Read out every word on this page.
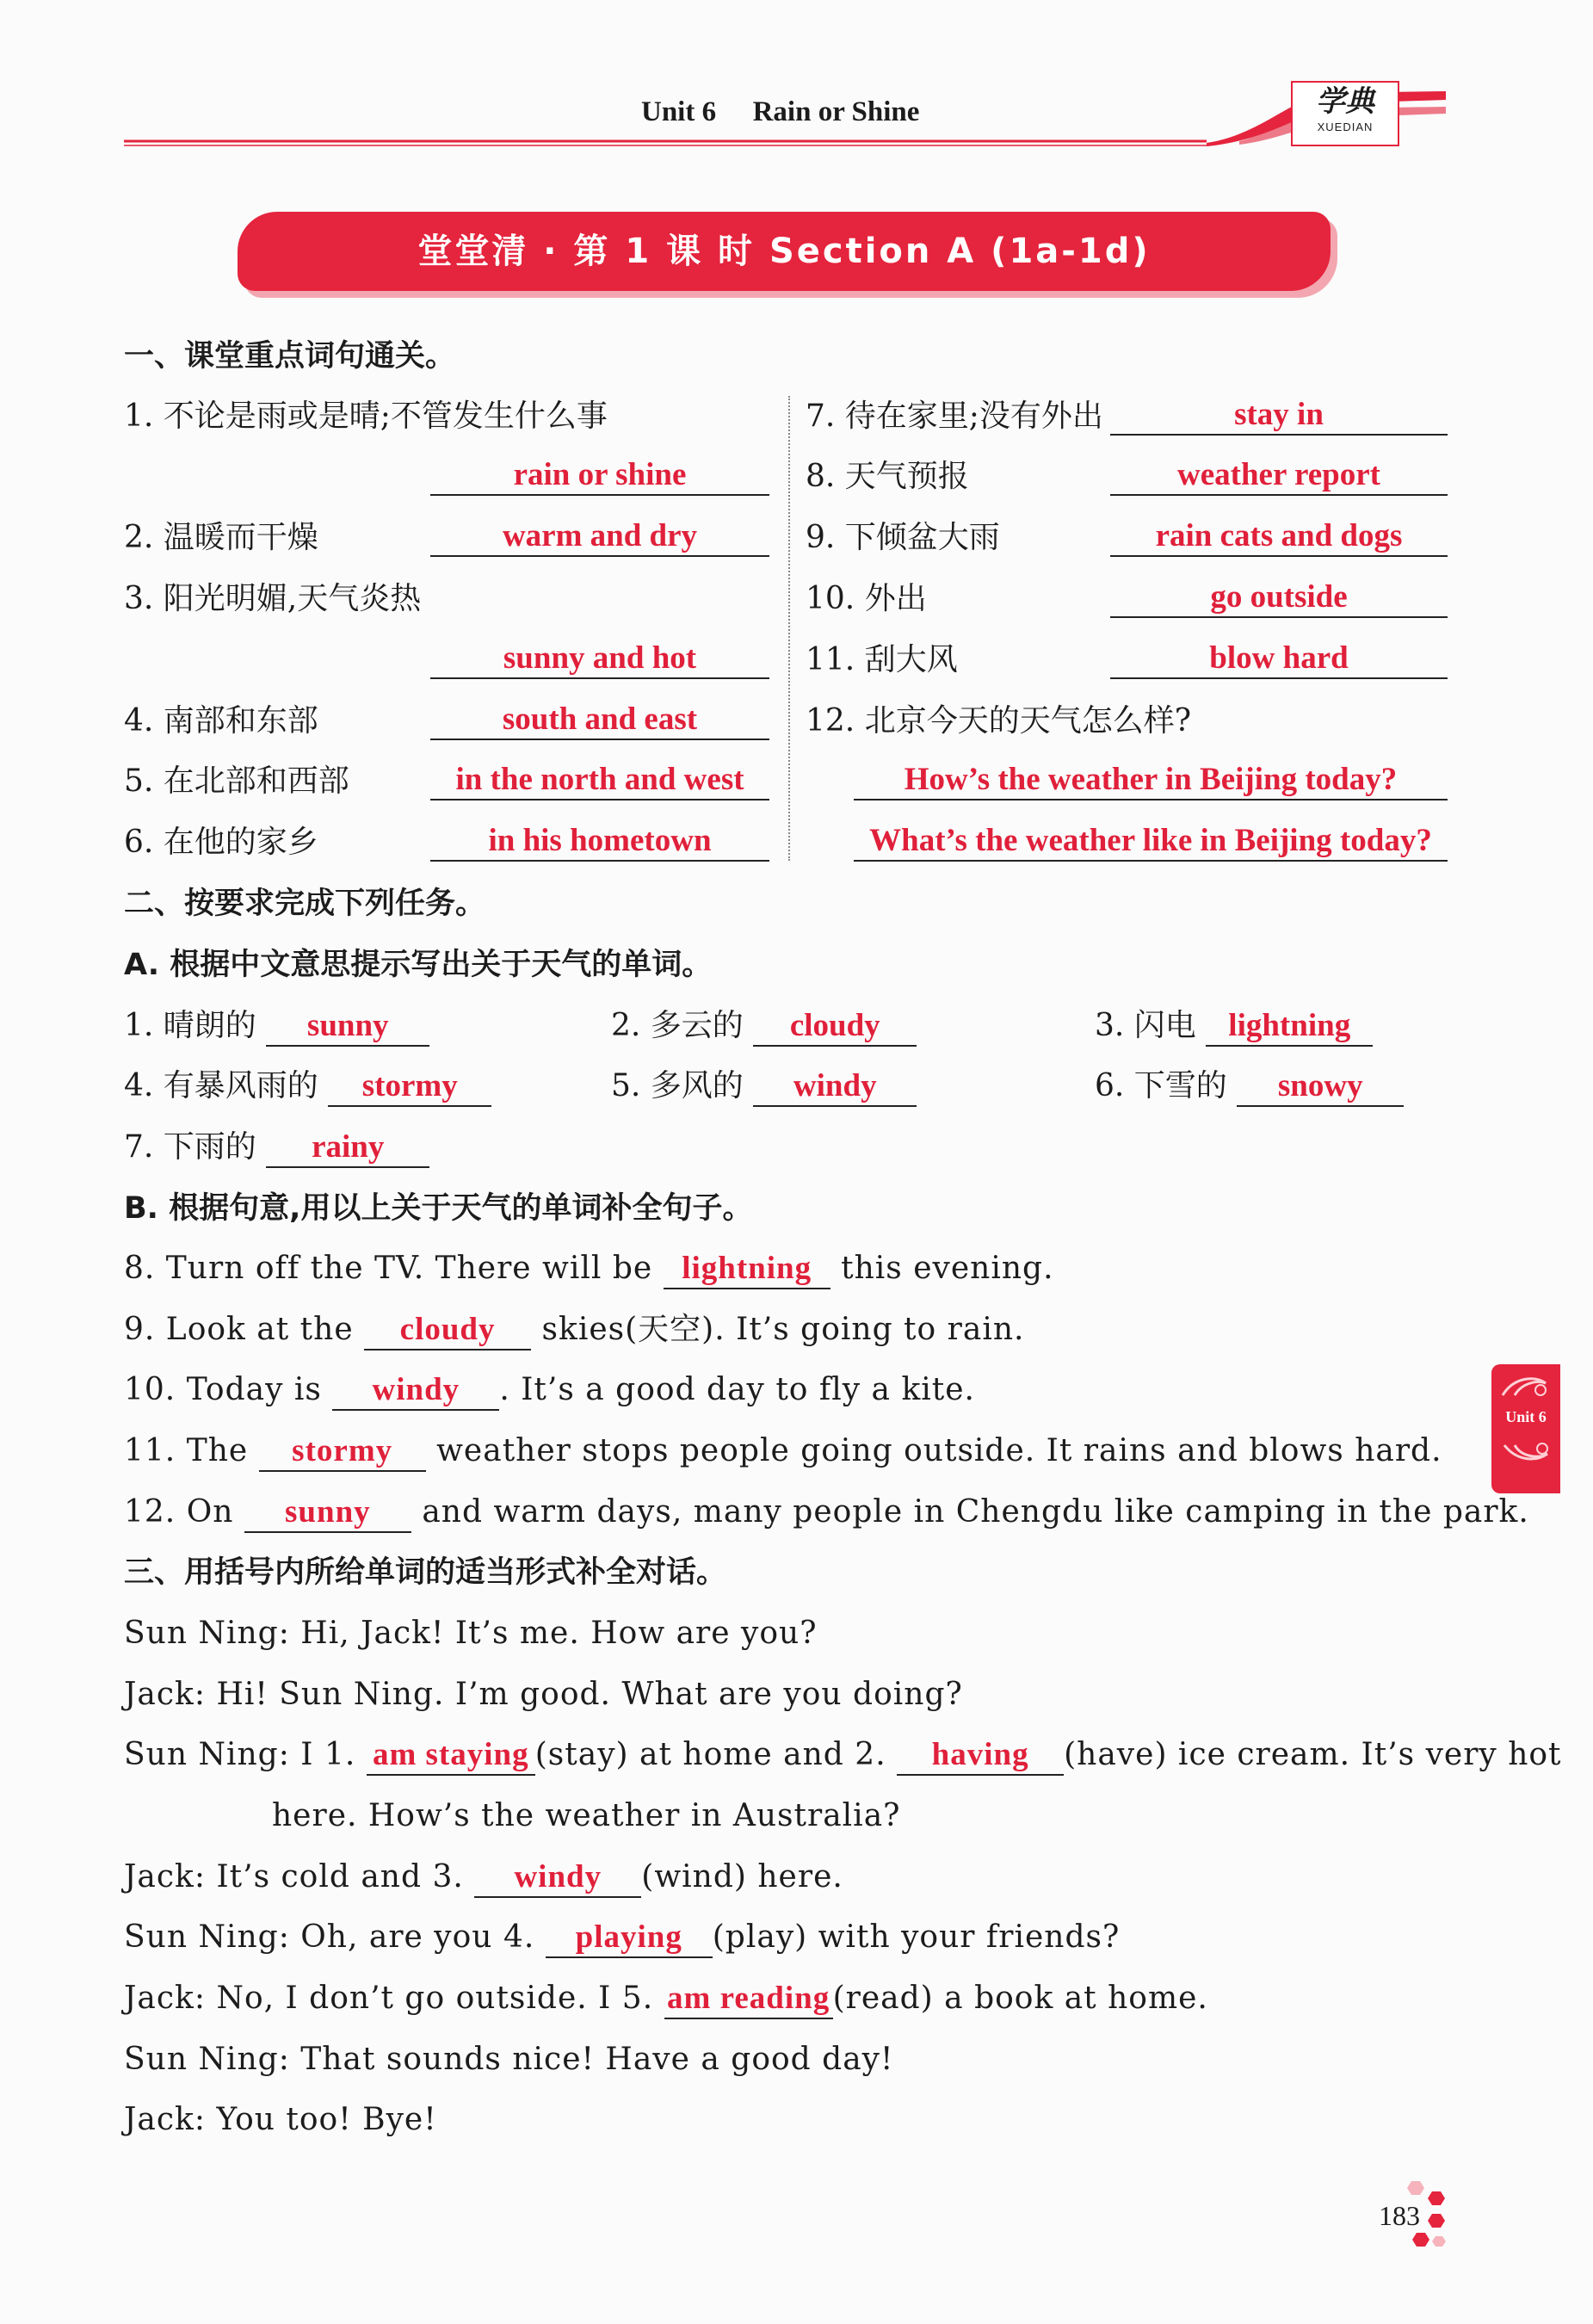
Unit 6 Rain or Shine	学典
XUEDIAN
堂堂清 · 第 1 课 时 Section A (1a-1d)
一、课堂重点词句通关。
1. 不论是雨或是晴;不管发生什么事
rain or shine
2. 温暖而干燥	warm and dry
3. 阳光明媚,天气炎热
sunny and hot
4. 南部和东部	south and east
5. 在北部和西部	in the north and west
6. 在他的家乡	in his hometown
7. 待在家里;没有外出	stay in
8. 天气预报	weather report
9. 下倾盆大雨	rain cats and dogs
10. 外出	go outside
11. 刮大风	blow hard
12. 北京今天的天气怎么样?
How’s the weather in Beijing today?
What’s the weather like in Beijing today?
二、按要求完成下列任务。
A. 根据中文意思提示写出关于天气的单词。
1. 晴朗的 sunny	2. 多云的 cloudy	3. 闪电 lightning
4. 有暴风雨的 stormy	5. 多风的 windy	6. 下雪的 snowy
7. 下雨的 rainy
B. 根据句意,用以上关于天气的单词补全句子。
8. Turn off the TV. There will be lightning this evening.
9. Look at the cloudy skies(天空). It’s going to rain.
10. Today is windy . It’s a good day to fly a kite.
11. The stormy weather stops people going outside. It rains and blows hard.
12. On sunny and warm days, many people in Chengdu like camping in the park.
三、用括号内所给单词的适当形式补全对话。
Sun Ning: Hi, Jack! It’s me. How are you?
Jack: Hi! Sun Ning. I’m good. What are you doing?
Sun Ning: I 1. am staying (stay) at home and 2. having (have) ice cream. It’s very hot
here. How’s the weather in Australia?
Jack: It’s cold and 3. windy (wind) here.
Sun Ning: Oh, are you 4. playing (play) with your friends?
Jack: No, I don’t go outside. I 5. am reading(read) a book at home.
Sun Ning: That sounds nice! Have a good day!
Jack: You too! Bye!
Unit 6
183
